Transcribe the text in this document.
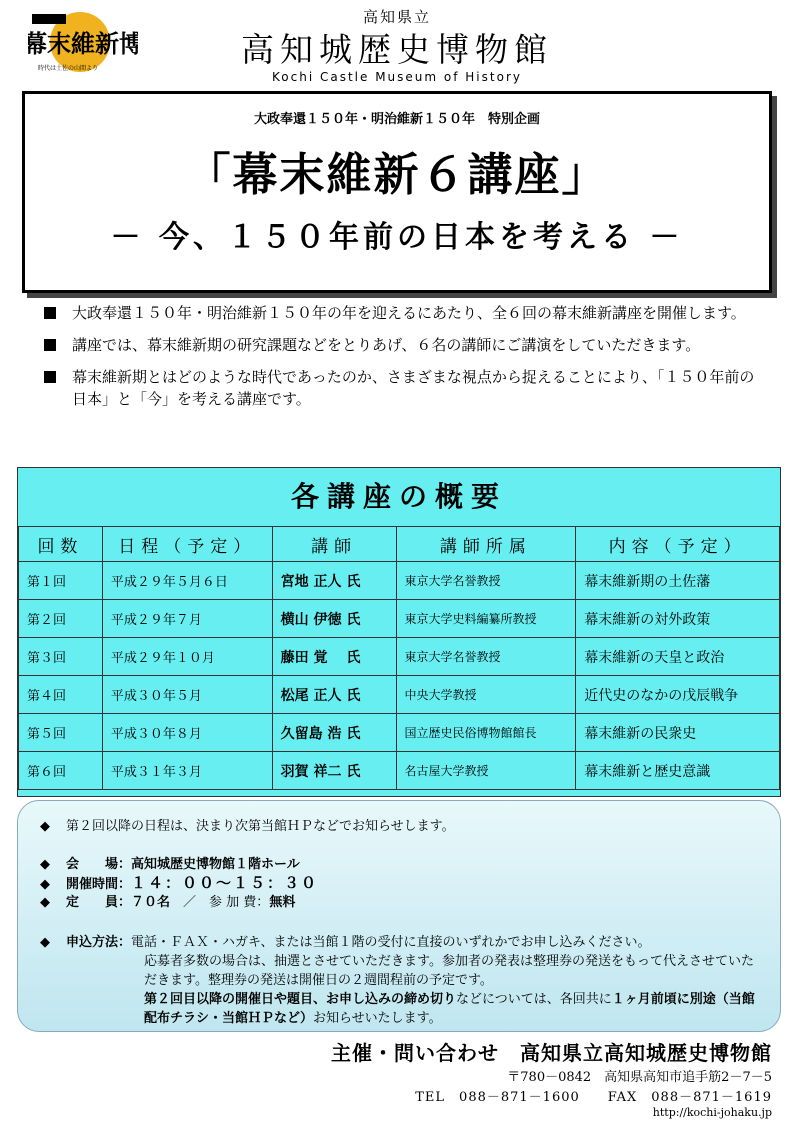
幕末維新博
時代は土佐の山間より
高知県立
高知城歴史博物館
Kochi Castle Museum of History
大政奉還１５０年・明治維新１５０年　特別企画
「幕末維新６講座」
－ 今、１５０年前の日本を考える －
大政奉還１５０年・明治維新１５０年の年を迎えるにあたり、全６回の幕末維新講座を開催します。
講座では、幕末維新期の研究課題などをとりあげ、６名の講師にご講演をしていただきます。
幕末維新期とはどのような時代であったのか、さまざまな視点から捉えることにより、「１５０年前の日本」と「今」を考える講座です。
各講座の概要
回数	日程（予定）	講師	講師所属	内容（予定）
第１回	平成２９年５月６日	宮地 正人 氏	東京大学名誉教授	幕末維新期の土佐藩
第２回	平成２９年７月	横山 伊徳 氏	東京大学史料編纂所教授	幕末維新の対外政策
第３回	平成２９年１０月	藤田 覚　 氏	東京大学名誉教授	幕末維新の天皇と政治
第４回	平成３０年５月	松尾 正人 氏	中央大学教授	近代史のなかの戊辰戦争
第５回	平成３０年８月	久留島 浩 氏	国立歴史民俗博物館館長	幕末維新の民衆史
第６回	平成３１年３月	羽賀 祥二 氏	名古屋大学教授	幕末維新と歴史意識
◆ 第２回以降の日程は、決まり次第当館ＨＰなどでお知らせします。
◆ 会　　場：高知城歴史博物館１階ホール
◆ 開催時間：１４：００～１５：３０
◆ 定　　員：７０名　 ／　参 加 費：無料
◆ 申込方法：電話・ＦＡＸ・ハガキ、または当館１階の受付に直接のいずれかでお申し込みください。
応募者多数の場合は、抽選とさせていただきます。参加者の発表は整理券の発送をもって代えさせていただきます。整理券の発送は開催日の２週間程前の予定です。
第２回目以降の開催日や題目、お申し込みの締め切りなどについては、各回共に１ヶ月前頃に別途（当館配布チラシ・当館ＨＰなど）お知らせいたします。
主催・問い合わせ　高知県立高知城歴史博物館
〒780－0842　高知県高知市追手筋2－7－5
TEL　088－871－1600　　FAX　088－871－1619
http://kochi-johaku.jp
